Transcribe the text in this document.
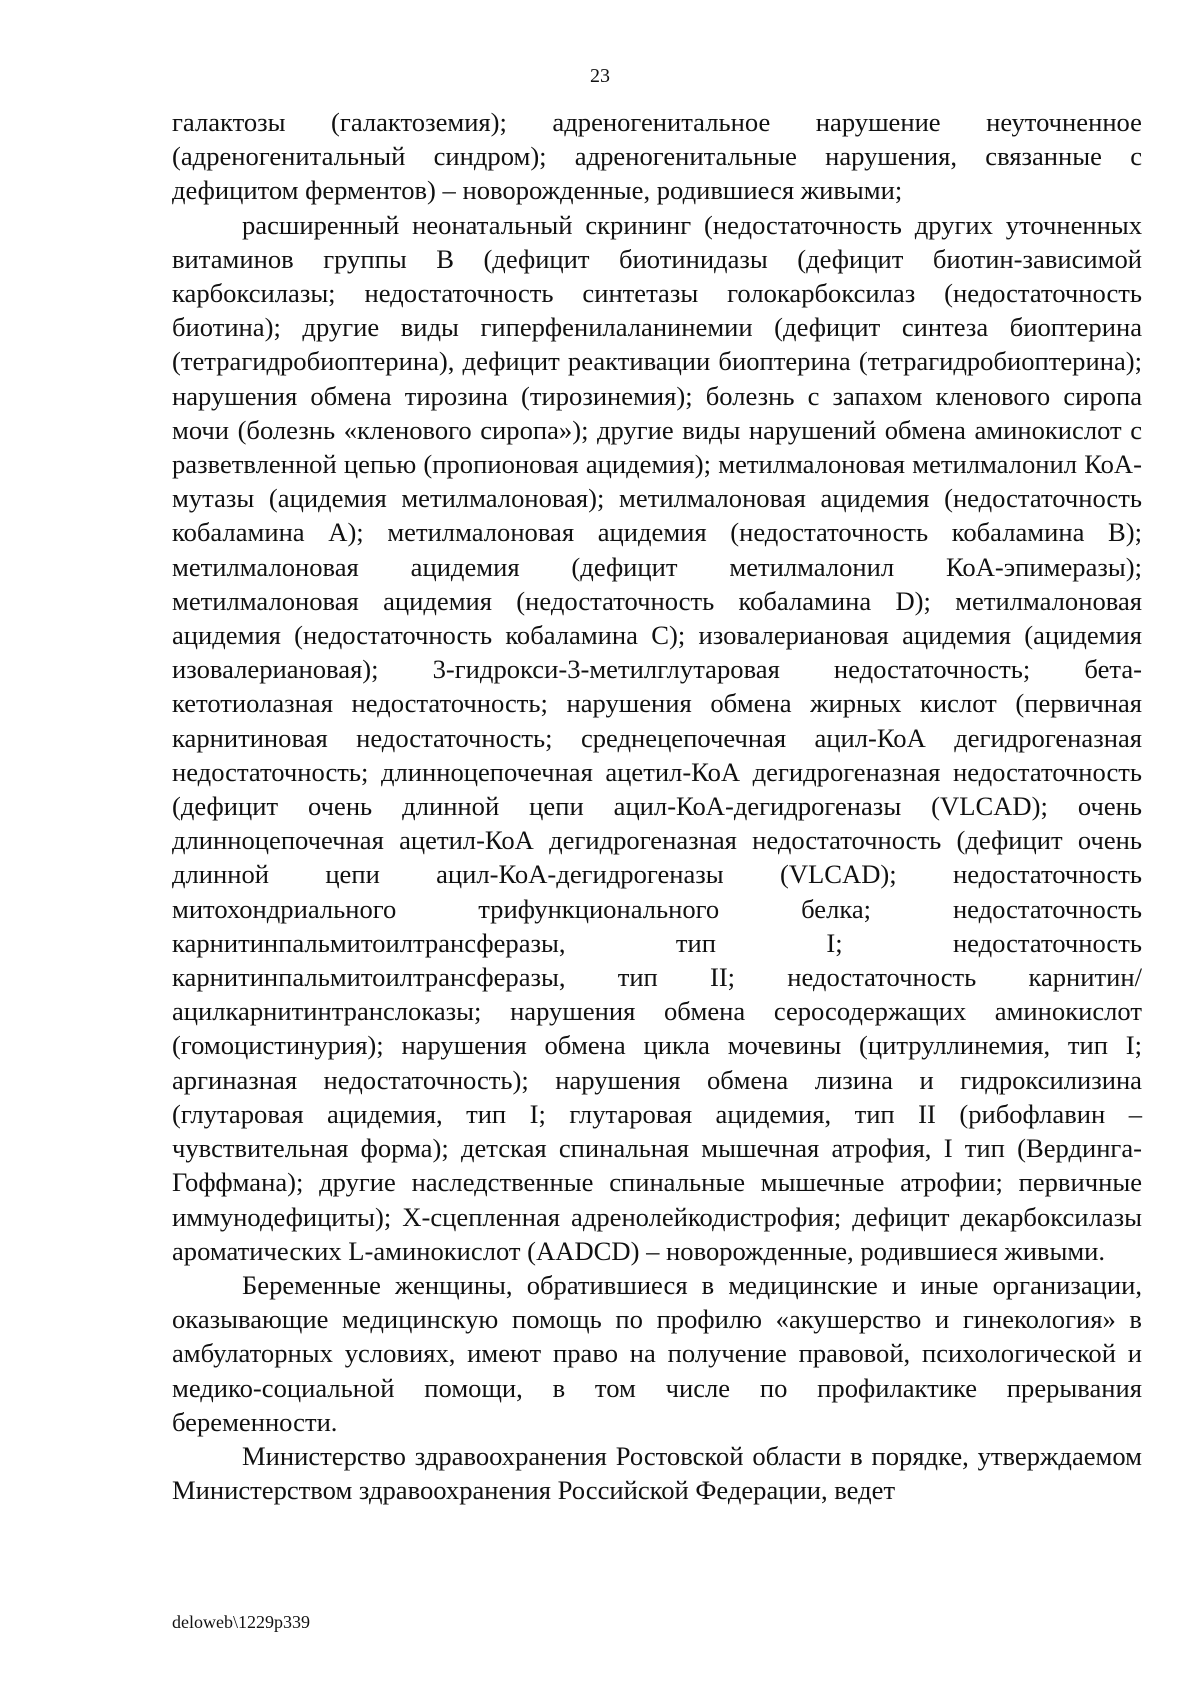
23

галактозы (галактоземия); адреногенитальное нарушение неуточненное (адреногенитальный синдром); адреногенитальные нарушения, связанные с дефицитом ферментов) – новорожденные, родившиеся живыми;

расширенный неонатальный скрининг (недостаточность других уточненных витаминов группы В (дефицит биотинидазы (дефицит биотин-зависимой карбоксилазы; недостаточность синтетазы голокарбоксилаз (недостаточность биотина); другие виды гиперфенилаланинемии (дефицит синтеза биоптерина (тетрагидробиоптерина), дефицит реактивации биоптерина (тетрагидробиоптерина); нарушения обмена тирозина (тирозинемия); болезнь с запахом кленового сиропа мочи (болезнь «кленового сиропа»); другие виды нарушений обмена аминокислот с разветвленной цепью (пропионовая ацидемия); метилмалоновая метилмалонил КоА-мутазы (ацидемия метилмалоновая); метилмалоновая ацидемия (недостаточность кобаламина А); метилмалоновая ацидемия (недостаточность кобаламина В); метилмалоновая ацидемия (дефицит метилмалонил КоА-эпимеразы); метилмалоновая ацидемия (недостаточность кобаламина D); метилмалоновая ацидемия (недостаточность кобаламина С); изовалериановая ацидемия (ацидемия изовалериановая); 3-гидрокси-3-метилглутаровая недостаточность; бета-кетотиолазная недостаточность; нарушения обмена жирных кислот (первичная карнитиновая недостаточность; среднецепочечная ацил-КоА дегидрогеназная недостаточность; длинноцепочечная ацетил-КоА дегидрогеназная недостаточность (дефицит очень длинной цепи ацил-КоА-дегидрогеназы (VLCAD); очень длинноцепочечная ацетил-КоА дегидрогеназная недостаточность (дефицит очень длинной цепи ацил-КоА-дегидрогеназы (VLCAD); недостаточность митохондриального трифункционального белка; недостаточность карнитинпальмитоилтрансферазы, тип I; недостаточность карнитинпальмитоилтрансферазы, тип II; недостаточность карнитин/ацилкарнитинтранслоказы; нарушения обмена серосодержащих аминокислот (гомоцистинурия); нарушения обмена цикла мочевины (цитруллинемия, тип I; аргиназная недостаточность); нарушения обмена лизина и гидроксилизина (глутаровая ацидемия, тип I; глутаровая ацидемия, тип II (рибофлавин – чувствительная форма); детская спинальная мышечная атрофия, I тип (Вердинга-Гоффмана); другие наследственные спинальные мышечные атрофии; первичные иммунодефициты); Х-сцепленная адренолейкодистрофия; дефицит декарбоксилазы ароматических L-аминокислот (AADCD) – новорожденные, родившиеся живыми.

Беременные женщины, обратившиеся в медицинские и иные организации, оказывающие медицинскую помощь по профилю «акушерство и гинекология» в амбулаторных условиях, имеют право на получение правовой, психологической и медико-социальной помощи, в том числе по профилактике прерывания беременности.

Министерство здравоохранения Ростовской области в порядке, утверждаемом Министерством здравоохранения Российской Федерации, ведет

deloweb\1229p339
